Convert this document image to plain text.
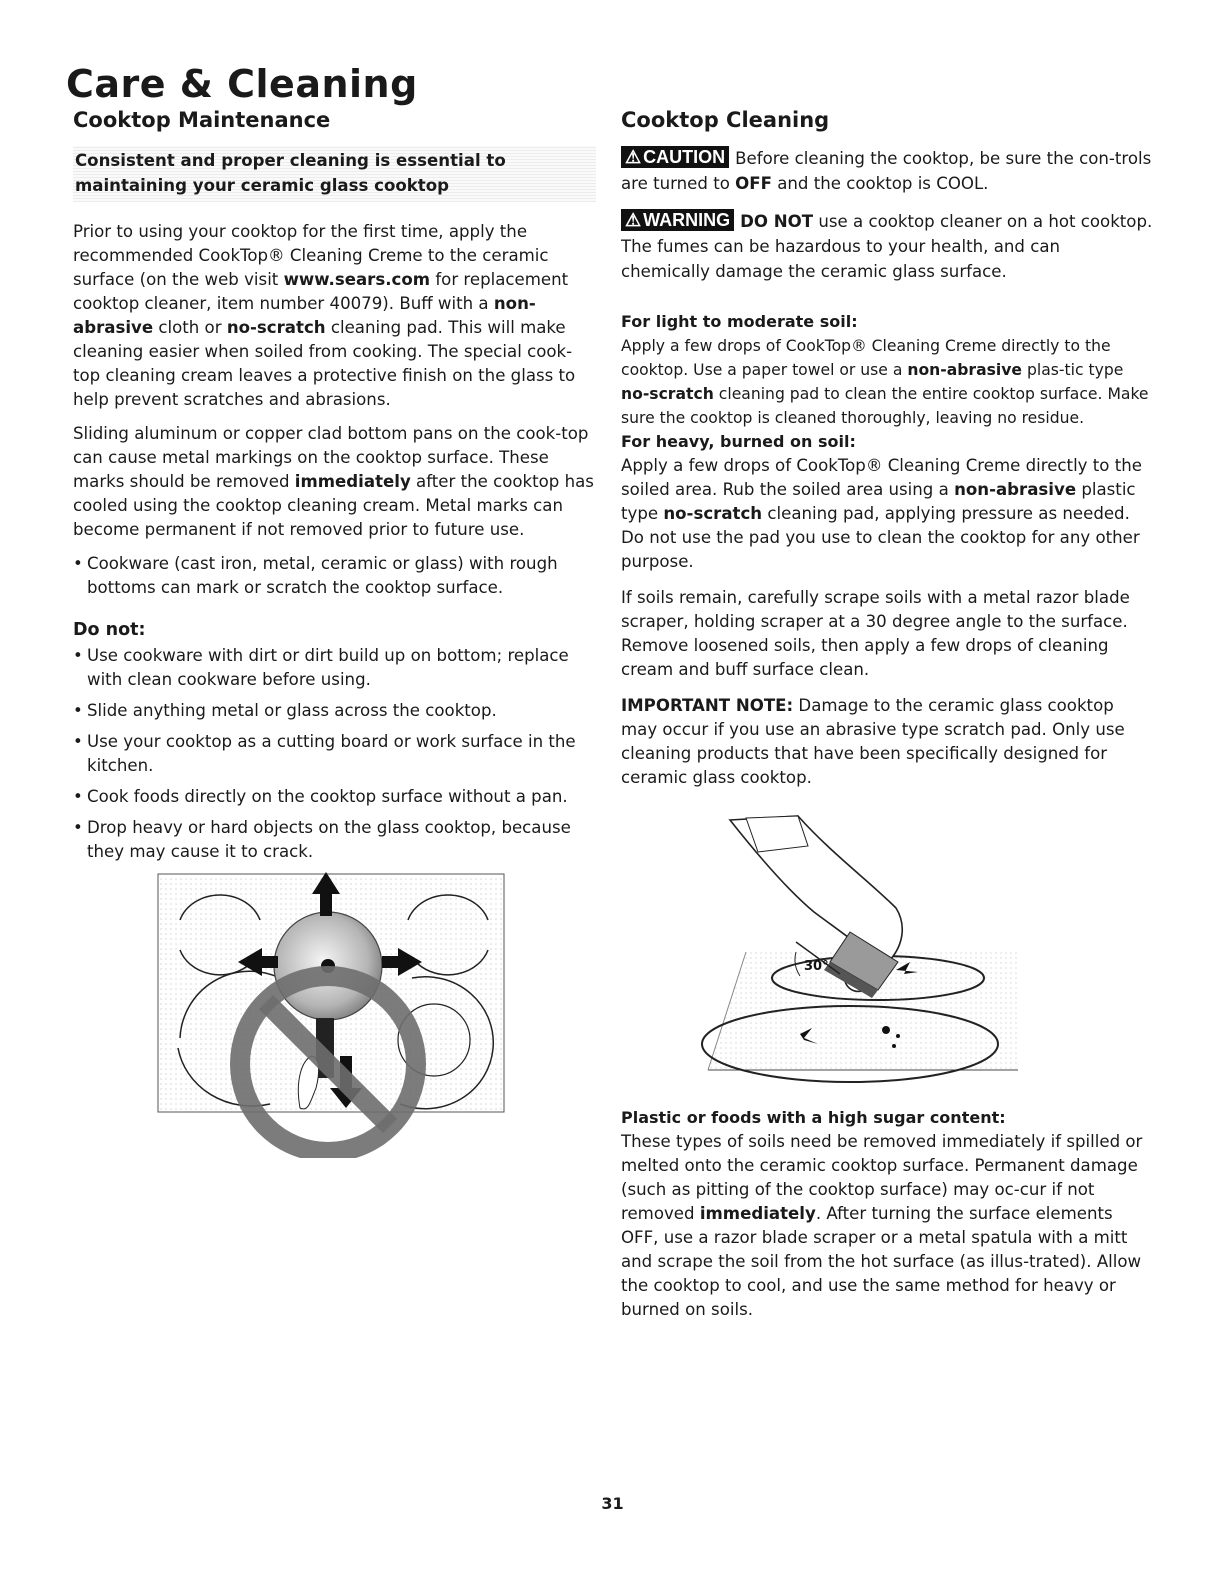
Care & Cleaning
Cooktop Maintenance
Consistent and proper cleaning is essential to maintaining your ceramic glass cooktop

Prior to using your cooktop for the first time, apply the recommended CookTop® Cleaning Creme to the ceramic surface (on the web visit www.sears.com for replacement cooktop cleaner, item number 40079). Buff with a non-abrasive cloth or no-scratch cleaning pad. This will make cleaning easier when soiled from cooking. The special cook-top cleaning cream leaves a protective finish on the glass to help prevent scratches and abrasions.

Sliding aluminum or copper clad bottom pans on the cook-top can cause metal markings on the cooktop surface. These marks should be removed immediately after the cooktop has cooled using the cooktop cleaning cream. Metal marks can become permanent if not removed prior to future use.

• Cookware (cast iron, metal, ceramic or glass) with rough bottoms can mark or scratch the cooktop surface.
Do not:
• Use cookware with dirt or dirt build up on bottom; replace with clean cookware before using.
• Slide anything metal or glass across the cooktop.
• Use your cooktop as a cutting board or work surface in the kitchen.
• Cook foods directly on the cooktop surface without a pan.
• Drop heavy or hard objects on the glass cooktop, because they may cause it to crack.
Cooktop Cleaning

⚠ CAUTION Before cleaning the cooktop, be sure the con-trols are turned to OFF and the cooktop is COOL.

⚠ WARNING DO NOT use a cooktop cleaner on a hot cooktop. The fumes can be hazardous to your health, and can chemically damage the ceramic glass surface.

For light to moderate soil:

Apply a few drops of CookTop® Cleaning Creme directly to the cooktop. Use a paper towel or use a non-abrasive plas-tic type no-scratch cleaning pad to clean the entire cooktop surface. Make sure the cooktop is cleaned thoroughly, leaving no residue.

For heavy, burned on soil:

Apply a few drops of CookTop® Cleaning Creme directly to the soiled area. Rub the soiled area using a non-abrasive plastic type no-scratch cleaning pad, applying pressure as needed. Do not use the pad you use to clean the cooktop for any other purpose.

If soils remain, carefully scrape soils with a metal razor blade scraper, holding scraper at a 30 degree angle to the surface. Remove loosened soils, then apply a few drops of cleaning cream and buff surface clean.

IMPORTANT NOTE: Damage to the ceramic glass cooktop may occur if you use an abrasive type scratch pad. Only use cleaning products that have been specifically designed for ceramic glass cooktop.

30°
Plastic or foods with a high sugar content:

These types of soils need be removed immediately if spilled or melted onto the ceramic cooktop surface. Permanent damage (such as pitting of the cooktop surface) may oc-cur if not removed immediately. After turning the surface elements OFF, use a razor blade scraper or a metal spatula with a mitt and scrape the soil from the hot surface (as illus-trated). Allow the cooktop to cool, and use the same method for heavy or burned on soils.

31
